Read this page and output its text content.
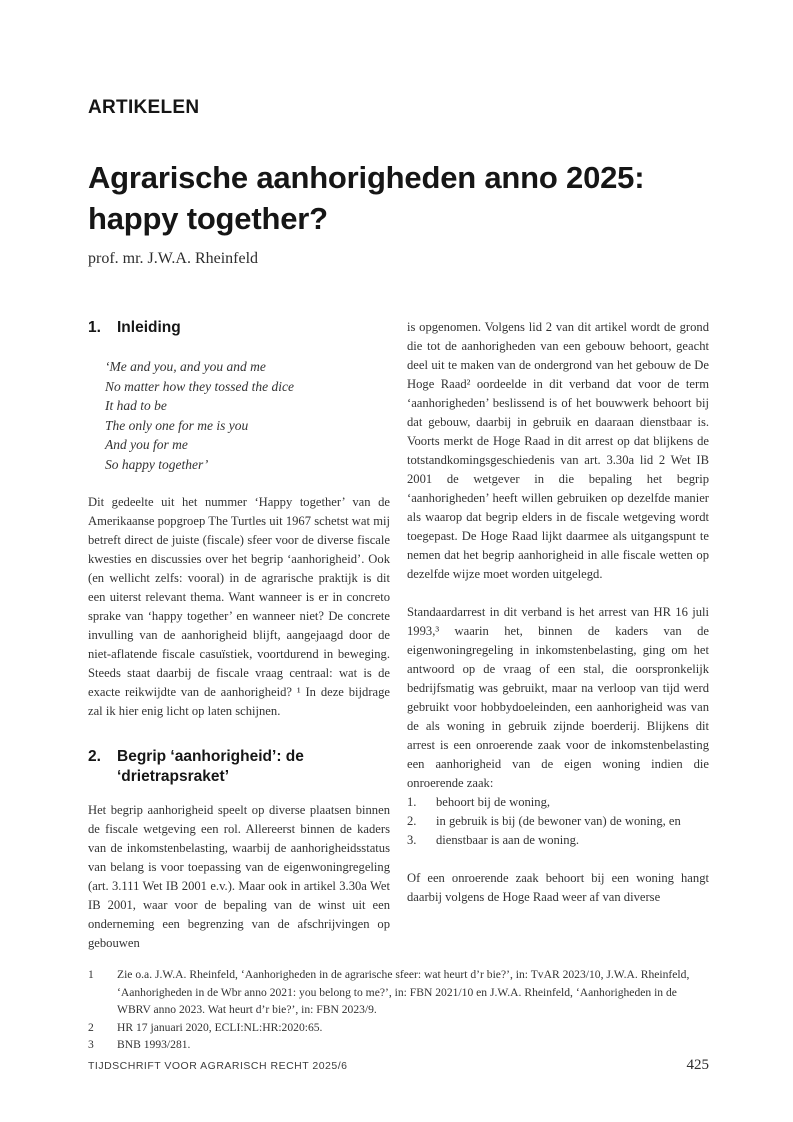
ARTIKELEN
Agrarische aanhorigheden anno 2025:
happy together?
prof. mr. J.W.A. Rheinfeld
1.	Inleiding
‘Me and you, and you and me
No matter how they tossed the dice
It had to be
The only one for me is you
And you for me
So happy together’

Dit gedeelte uit het nummer ‘Happy together’ van de Amerikaanse popgroep The Turtles uit 1967 schetst wat mij betreft direct de juiste (fiscale) sfeer voor de diverse fiscale kwesties en discussies over het begrip ‘aanhorigheid’. Ook (en wellicht zelfs: vooral) in de agrarische praktijk is dit een uiterst relevant thema. Want wanneer is er in concreto sprake van ‘happy together’ en wanneer niet? De concrete invulling van de aanhorigheid blijft, aangejaagd door de niet-aflatende fiscale casuïstiek, voortdurend in beweging. Steeds staat daarbij de fiscale vraag centraal: wat is de exacte reikwijdte van de aanhorigheid? ¹ In deze bijdrage zal ik hier enig licht op laten schijnen.

2.	Begrip ‘aanhorigheid’: de ‘drietrapsraket’

Het begrip aanhorigheid speelt op diverse plaatsen binnen de fiscale wetgeving een rol. Allereerst binnen de kaders van de inkomstenbelasting, waarbij de aanhorigheidsstatus van belang is voor toepassing van de eigenwoningregeling (art. 3.111 Wet IB 2001 e.v.). Maar ook in artikel 3.30a Wet IB 2001, waar voor de bepaling van de winst uit een onderneming een begrenzing van de afschrijvingen op gebouwen

is opgenomen. Volgens lid 2 van dit artikel wordt de grond die tot de aanhorigheden van een gebouw behoort, geacht deel uit te maken van de ondergrond van het gebouw de De Hoge Raad² oordeelde in dit verband dat voor de term ‘aanhorigheden’ beslissend is of het bouwwerk behoort bij dat gebouw, daarbij in gebruik en daaraan dienstbaar is. Voorts merkt de Hoge Raad in dit arrest op dat blijkens de totstandkomingsgeschiedenis van art. 3.30a lid 2 Wet IB 2001 de wetgever in die bepaling het begrip ‘aanhorigheden’ heeft willen gebruiken op dezelfde manier als waarop dat begrip elders in de fiscale wetgeving wordt toegepast. De Hoge Raad lijkt daarmee als uitgangspunt te nemen dat het begrip aanhorigheid in alle fiscale wetten op dezelfde wijze moet worden uitgelegd.

Standaardarrest in dit verband is het arrest van HR 16 juli 1993,³ waarin het, binnen de kaders van de eigenwoningregeling in inkomstenbelasting, ging om het antwoord op de vraag of een stal, die oorspronkelijk bedrijfsmatig was gebruikt, maar na verloop van tijd werd gebruikt voor hobbydoeleinden, een aanhorigheid was van de als woning in gebruik zijnde boerderij. Blijkens dit arrest is een onroerende zaak voor de inkomstenbelasting een aanhorigheid van de eigen woning indien die onroerende zaak:

1.	behoort bij de woning,
2.	in gebruik is bij (de bewoner van) de woning, en
3.	dienstbaar is aan de woning.

Of een onroerende zaak behoort bij een woning hangt daarbij volgens de Hoge Raad weer af van diverse

1	Zie o.a. J.W.A. Rheinfeld, ‘Aanhorigheden in de agrarische sfeer: wat heurt d’r bie?’, in: TvAR 2023/10, J.W.A. Rheinfeld, ‘Aanhorigheden in de Wbr anno 2021: you belong to me?’, in: FBN 2021/10 en J.W.A. Rheinfeld, ‘Aanhorigheden in de WBRV anno 2023. Wat heurt d’r bie?’, in: FBN 2023/9.
2	HR 17 januari 2020, ECLI:NL:HR:2020:65.
3	BNB 1993/281.
TIJDSCHRIFT VOOR AGRARISCH RECHT 2025/6	425
